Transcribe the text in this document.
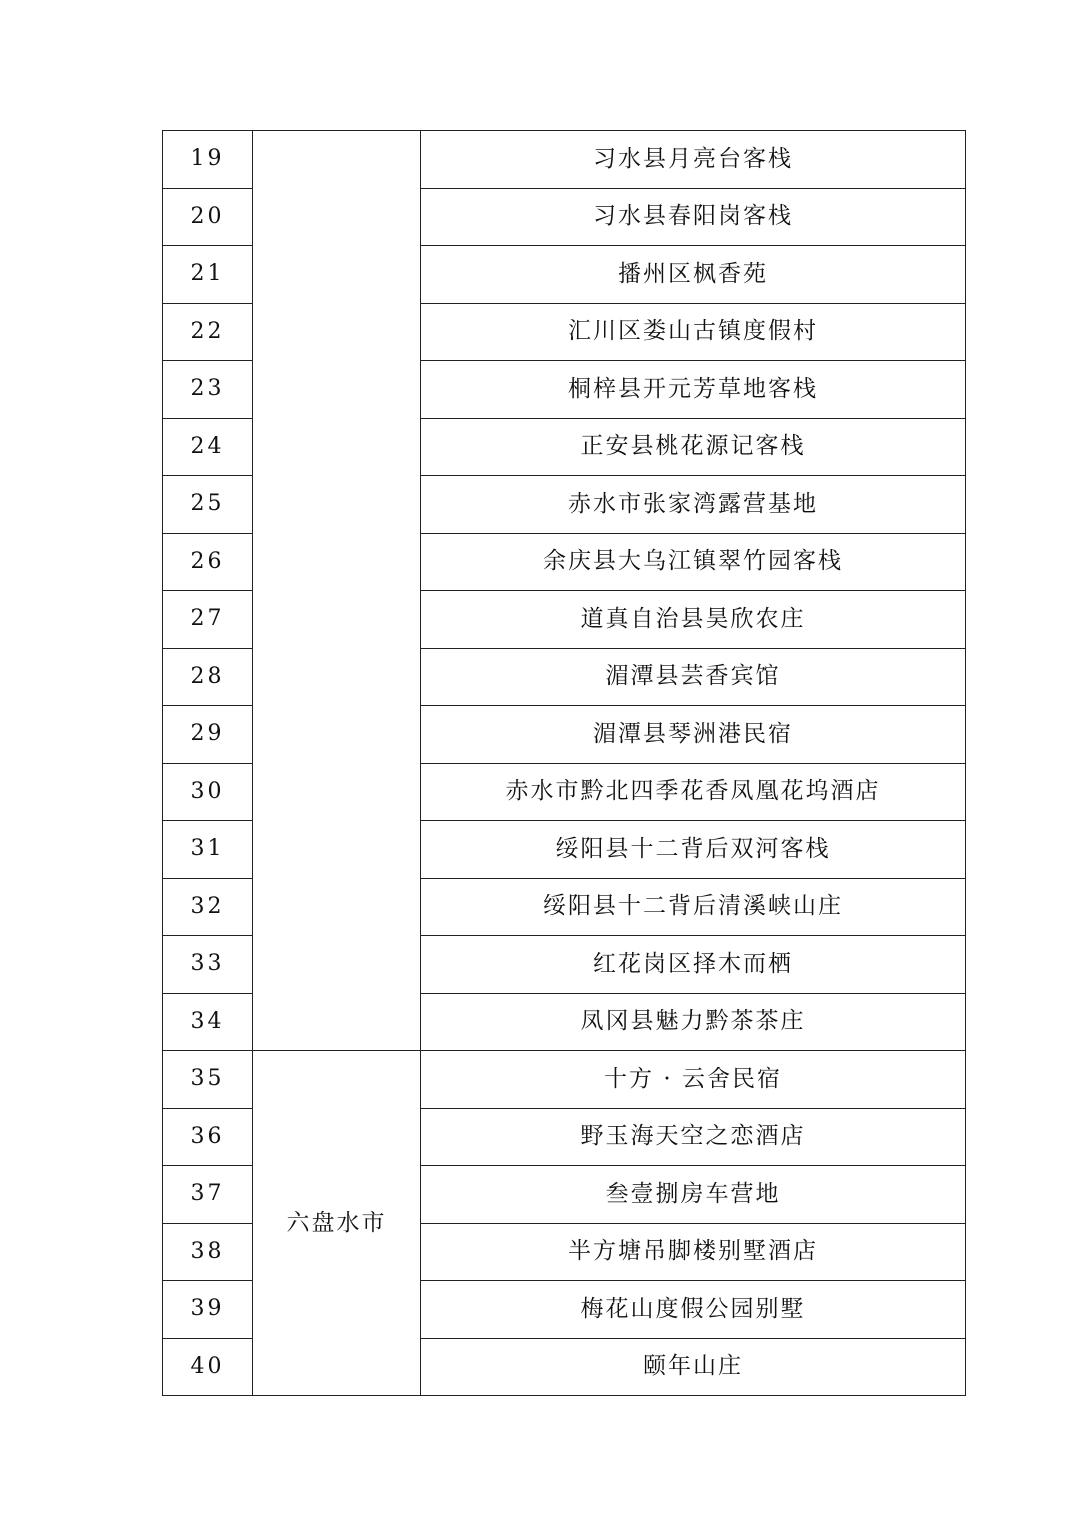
19		习水县月亮台客栈
20		习水县春阳岗客栈
21		播州区枫香苑
22		汇川区娄山古镇度假村
23		桐梓县开元芳草地客栈
24		正安县桃花源记客栈
25		赤水市张家湾露营基地
26		余庆县大乌江镇翠竹园客栈
27		道真自治县昊欣农庄
28		湄潭县芸香宾馆
29		湄潭县琴洲港民宿
30		赤水市黔北四季花香凤凰花坞酒店
31		绥阳县十二背后双河客栈
32		绥阳县十二背后清溪峡山庄
33		红花岗区择木而栖
34		凤冈县魅力黔茶茶庄
35	六盘水市	十方 · 云舍民宿
36		野玉海天空之恋酒店
37		叁壹捌房车营地
38		半方塘吊脚楼别墅酒店
39		梅花山度假公园别墅
40		颐年山庄
